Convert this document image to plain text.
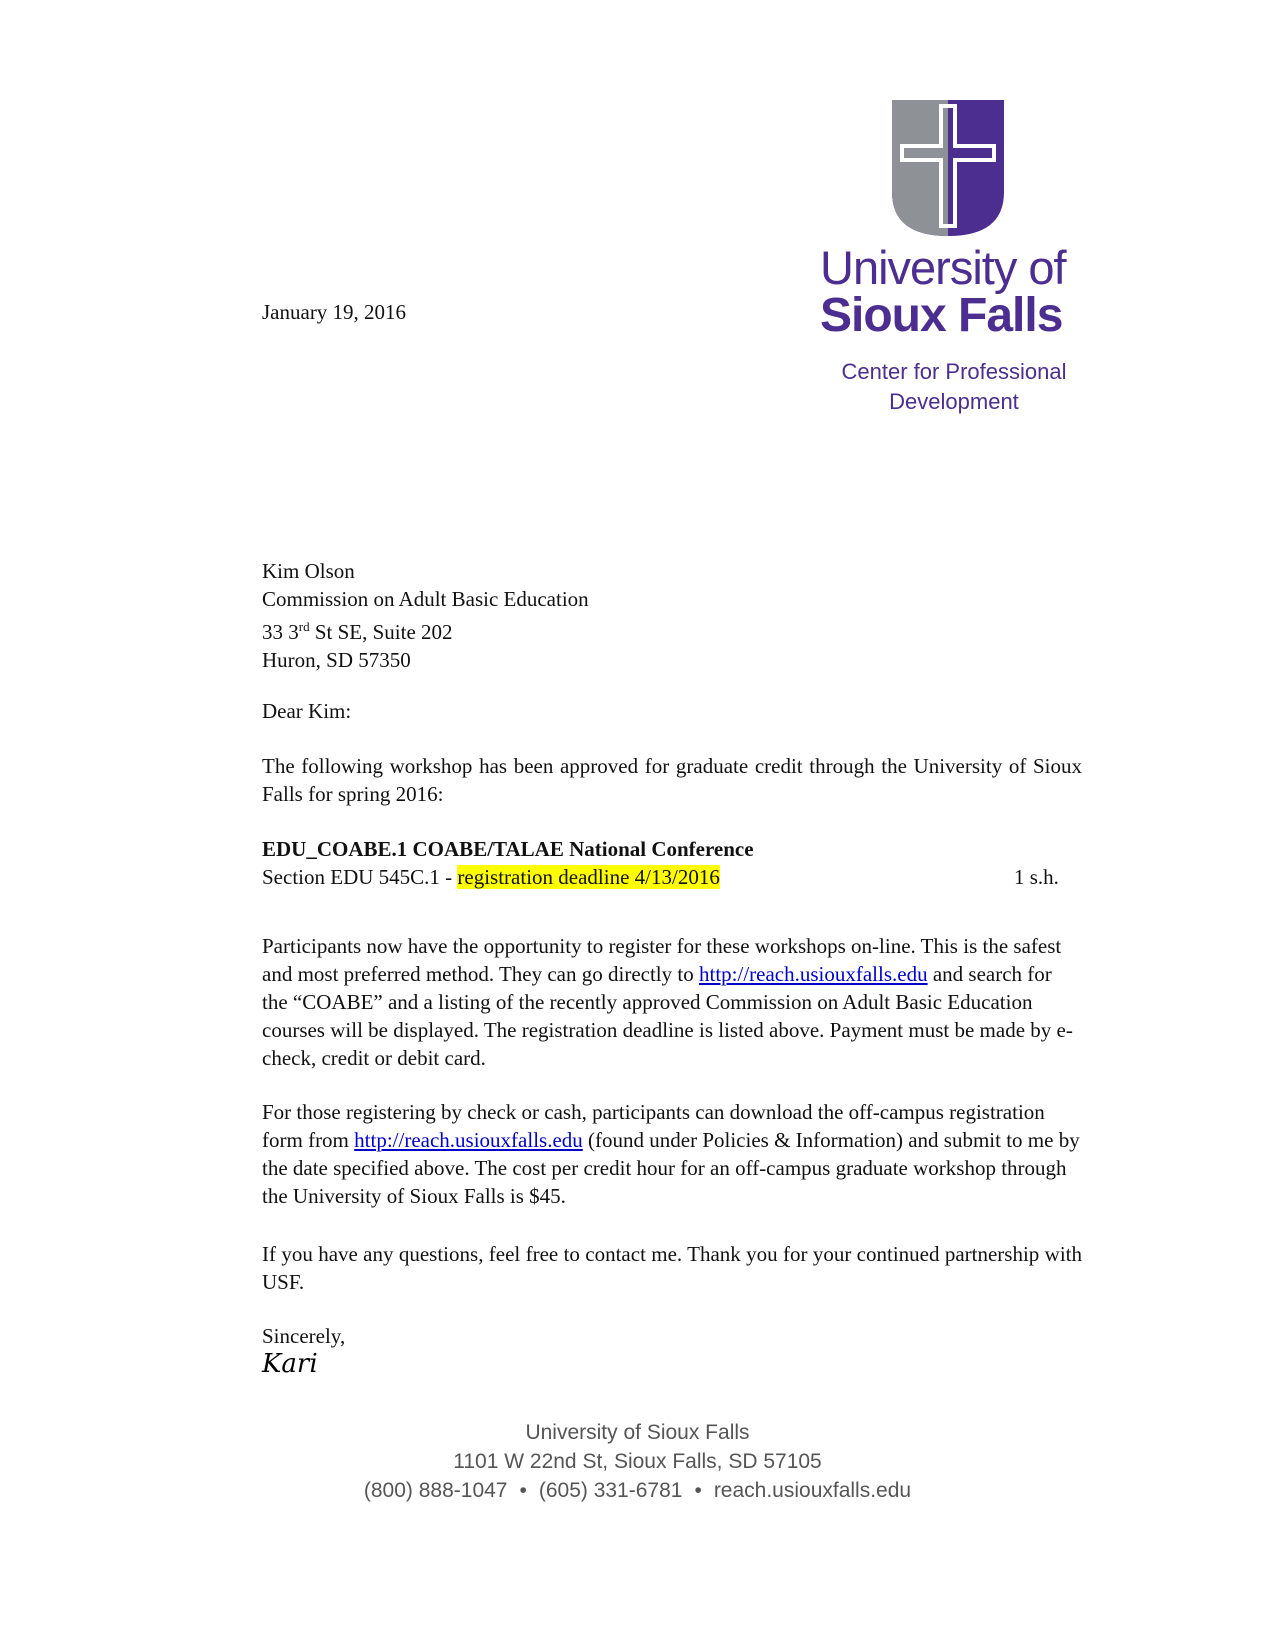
University of
Sioux Falls
Center for Professional
Development
January 19, 2016
Kim Olson
Commission on Adult Basic Education
33 3rd St SE, Suite 202
Huron, SD 57350
Dear Kim:

The following workshop has been approved for graduate credit through the University of Sioux Falls for spring 2016:

EDU_COABE.1 COABE/TALAE National Conference
Section EDU 545C.1 - registration deadline 4/13/2016	1 s.h.

Participants now have the opportunity to register for these workshops on-line. This is the safest and most preferred method. They can go directly to http://reach.usiouxfalls.edu and search for the “COABE” and a listing of the recently approved Commission on Adult Basic Education courses will be displayed. The registration deadline is listed above. Payment must be made by e-check, credit or debit card.

For those registering by check or cash, participants can download the off-campus registration form from http://reach.usiouxfalls.edu (found under Policies & Information) and submit to me by the date specified above. The cost per credit hour for an off-campus graduate workshop through the University of Sioux Falls is $45.

If you have any questions, feel free to contact me. Thank you for your continued partnership with USF.

Sincerely,
Kari
University of Sioux Falls
1101 W 22nd St, Sioux Falls, SD 57105
(800) 888-1047 • (605) 331-6781 • reach.usiouxfalls.edu
